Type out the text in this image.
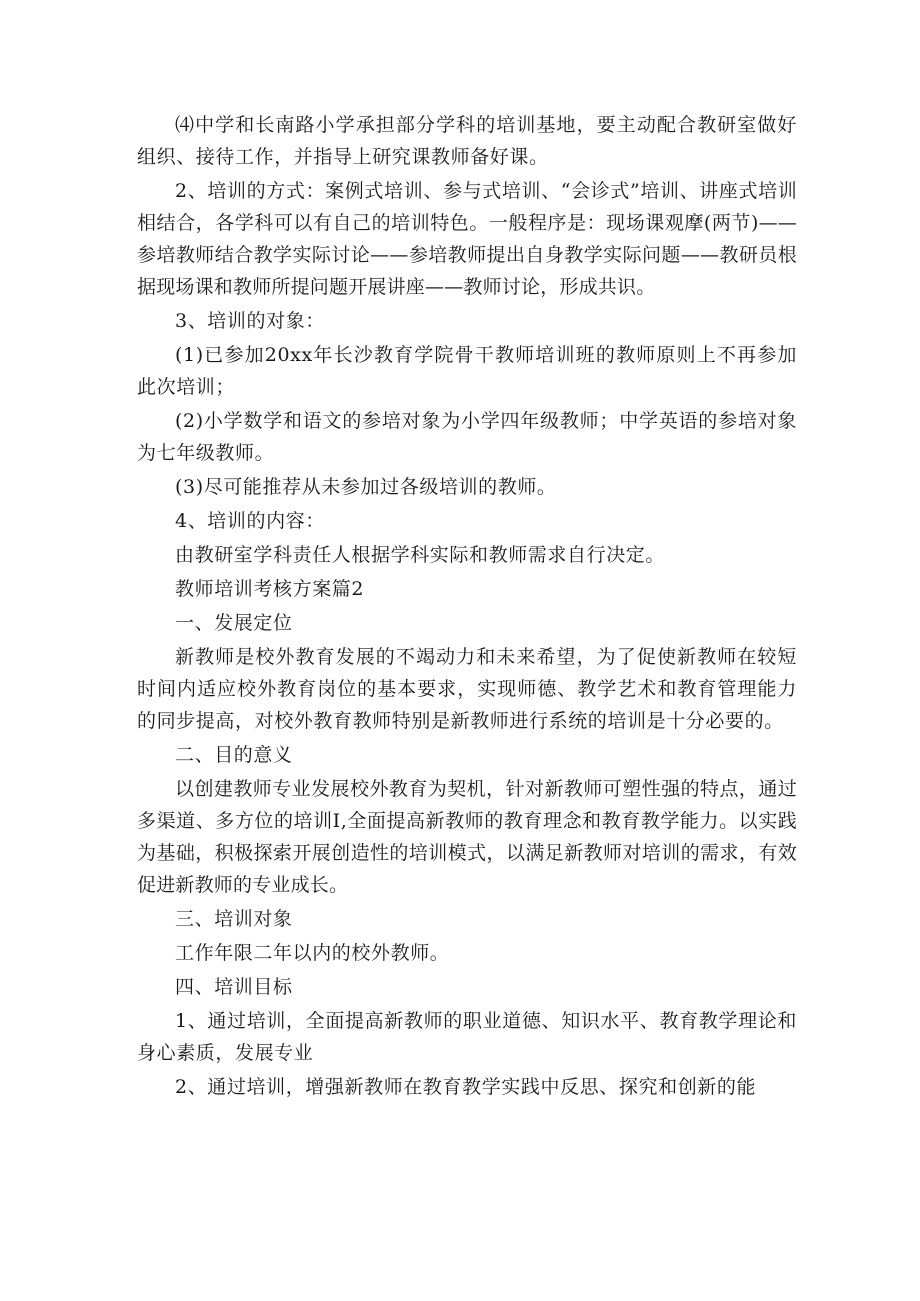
⑷中学和长南路小学承担部分学科的培训基地，要主动配合教研室做好组织、接待工作，并指导上研究课教师备好课。

2、培训的方式：案例式培训、参与式培训、“会诊式”培训、讲座式培训相结合，各学科可以有自己的培训特色。一般程序是：现场课观摩(两节)——参培教师结合教学实际讨论——参培教师提出自身教学实际问题——教研员根据现场课和教师所提问题开展讲座——教师讨论，形成共识。

3、培训的对象：

(1)已参加20xx年长沙教育学院骨干教师培训班的教师原则上不再参加此次培训；

(2)小学数学和语文的参培对象为小学四年级教师；中学英语的参培对象为七年级教师。

(3)尽可能推荐从未参加过各级培训的教师。

4、培训的内容：

由教研室学科责任人根据学科实际和教师需求自行决定。

教师培训考核方案篇2

一、发展定位

新教师是校外教育发展的不竭动力和未来希望，为了促使新教师在较短时间内适应校外教育岗位的基本要求，实现师德、教学艺术和教育管理能力的同步提高，对校外教育教师特别是新教师进行系统的培训是十分必要的。

二、目的意义

以创建教师专业发展校外教育为契机，针对新教师可塑性强的特点，通过多渠道、多方位的培训Ⅰ,全面提高新教师的教育理念和教育教学能力。以实践为基础，积极探索开展创造性的培训模式，以满足新教师对培训的需求，有效促进新教师的专业成长。

三、培训对象

工作年限二年以内的校外教师。

四、培训目标

1、通过培训，全面提高新教师的职业道德、知识水平、教育教学理论和身心素质，发展专业

2、通过培训，增强新教师在教育教学实践中反思、探究和创新的能
